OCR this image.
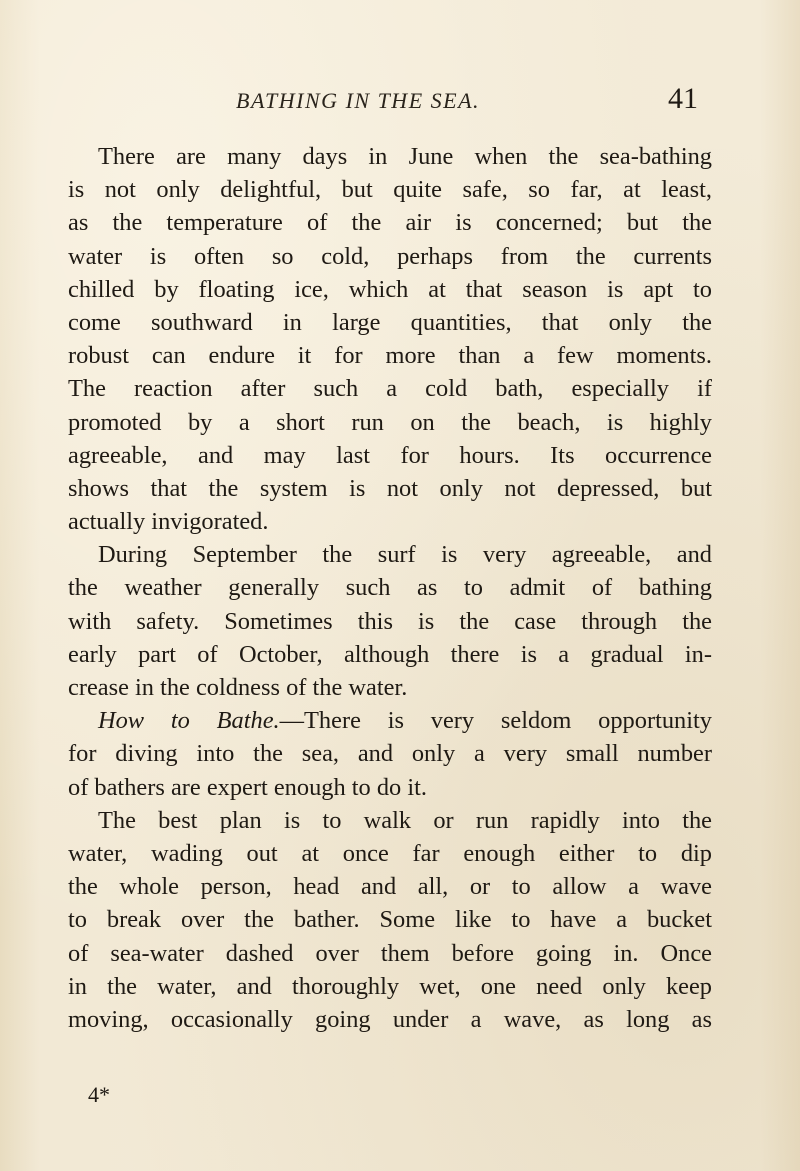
BATHING IN THE SEA.	41
There are many days in June when the sea-bathing
is not only delightful, but quite safe, so far, at least,
as the temperature of the air is concerned; but the
water is often so cold, perhaps from the currents
chilled by floating ice, which at that season is apt to
come southward in large quantities, that only the
robust can endure it for more than a few moments.
The reaction after such a cold bath, especially if
promoted by a short run on the beach, is highly
agreeable, and may last for hours. Its occurrence
shows that the system is not only not depressed, but
actually invigorated.
During September the surf is very agreeable, and
the weather generally such as to admit of bathing
with safety. Sometimes this is the case through the
early part of October, although there is a gradual in-
crease in the coldness of the water.
How to Bathe.—There is very seldom opportunity
for diving into the sea, and only a very small number
of bathers are expert enough to do it.
The best plan is to walk or run rapidly into the
water, wading out at once far enough either to dip
the whole person, head and all, or to allow a wave
to break over the bather. Some like to have a bucket
of sea-water dashed over them before going in. Once
in the water, and thoroughly wet, one need only keep
moving, occasionally going under a wave, as long as
4*
